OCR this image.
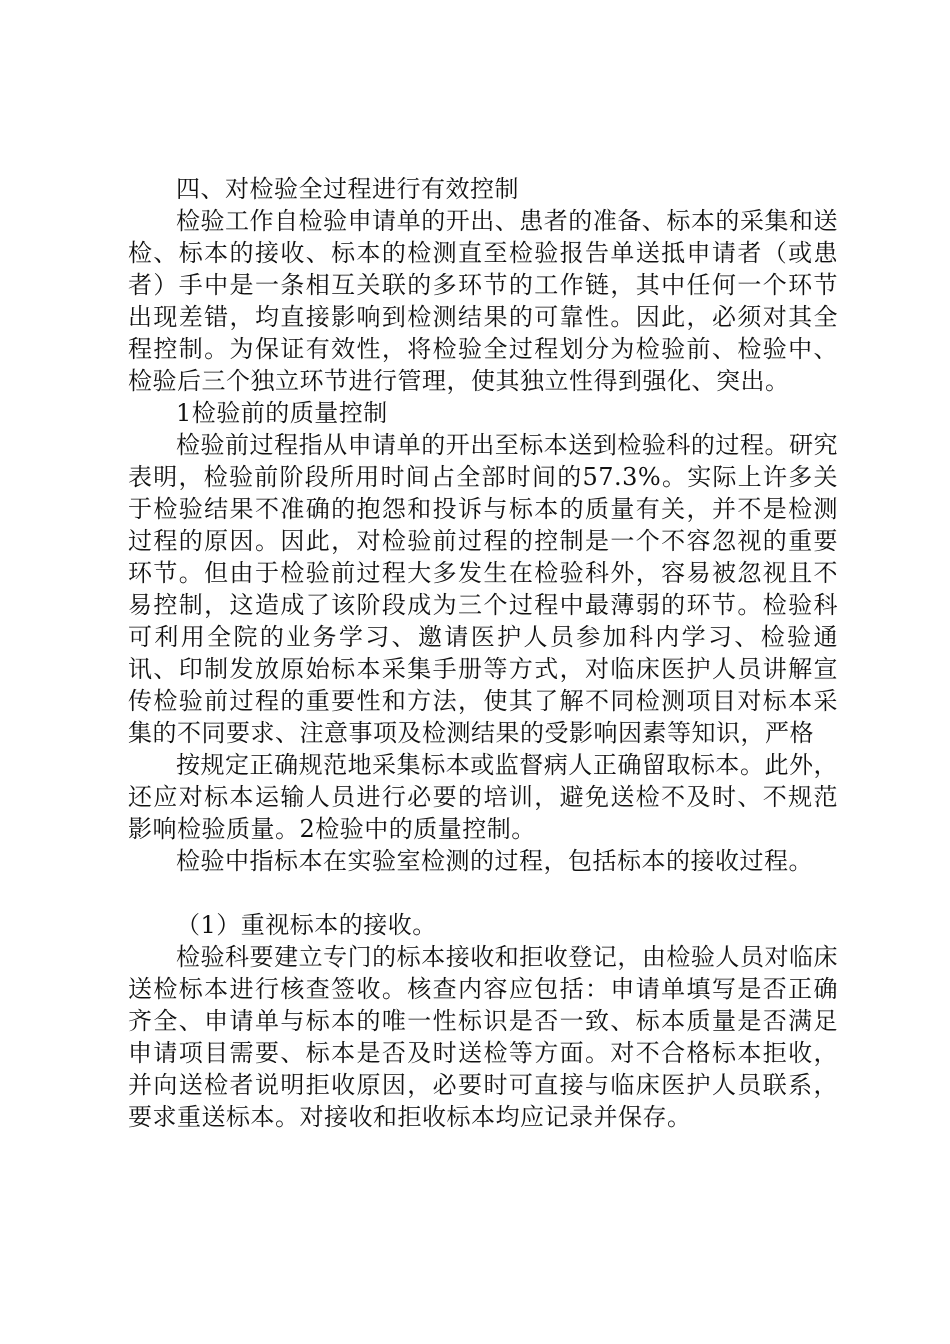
四、对检验全过程进行有效控制

检验工作自检验申请单的开出、患者的准备、标本的采集和送检、标本的接收、标本的检测直至检验报告单送抵申请者（或患者）手中是一条相互关联的多环节的工作链，其中任何一个环节出现差错，均直接影响到检测结果的可靠性。因此，必须对其全程控制。为保证有效性，将检验全过程划分为检验前、检验中、检验后三个独立环节进行管理，使其独立性得到强化、突出。

1检验前的质量控制

检验前过程指从申请单的开出至标本送到检验科的过程。研究表明，检验前阶段所用时间占全部时间的57.3%。实际上许多关于检验结果不准确的抱怨和投诉与标本的质量有关，并不是检测过程的原因。因此，对检验前过程的控制是一个不容忽视的重要环节。但由于检验前过程大多发生在检验科外，容易被忽视且不易控制，这造成了该阶段成为三个过程中最薄弱的环节。检验科可利用全院的业务学习、邀请医护人员参加科内学习、检验通讯、印制发放原始标本采集手册等方式，对临床医护人员讲解宣传检验前过程的重要性和方法，使其了解不同检测项目对标本采集的不同要求、注意事项及检测结果的受影响因素等知识，严格

按规定正确规范地采集标本或监督病人正确留取标本。此外，还应对标本运输人员进行必要的培训，避免送检不及时、不规范影响检验质量。2检验中的质量控制。

检验中指标本在实验室检测的过程，包括标本的接收过程。

（1）重视标本的接收。

检验科要建立专门的标本接收和拒收登记，由检验人员对临床送检标本进行核查签收。核查内容应包括：申请单填写是否正确齐全、申请单与标本的唯一性标识是否一致、标本质量是否满足申请项目需要、标本是否及时送检等方面。对不合格标本拒收，并向送检者说明拒收原因，必要时可直接与临床医护人员联系，要求重送标本。对接收和拒收标本均应记录并保存。
